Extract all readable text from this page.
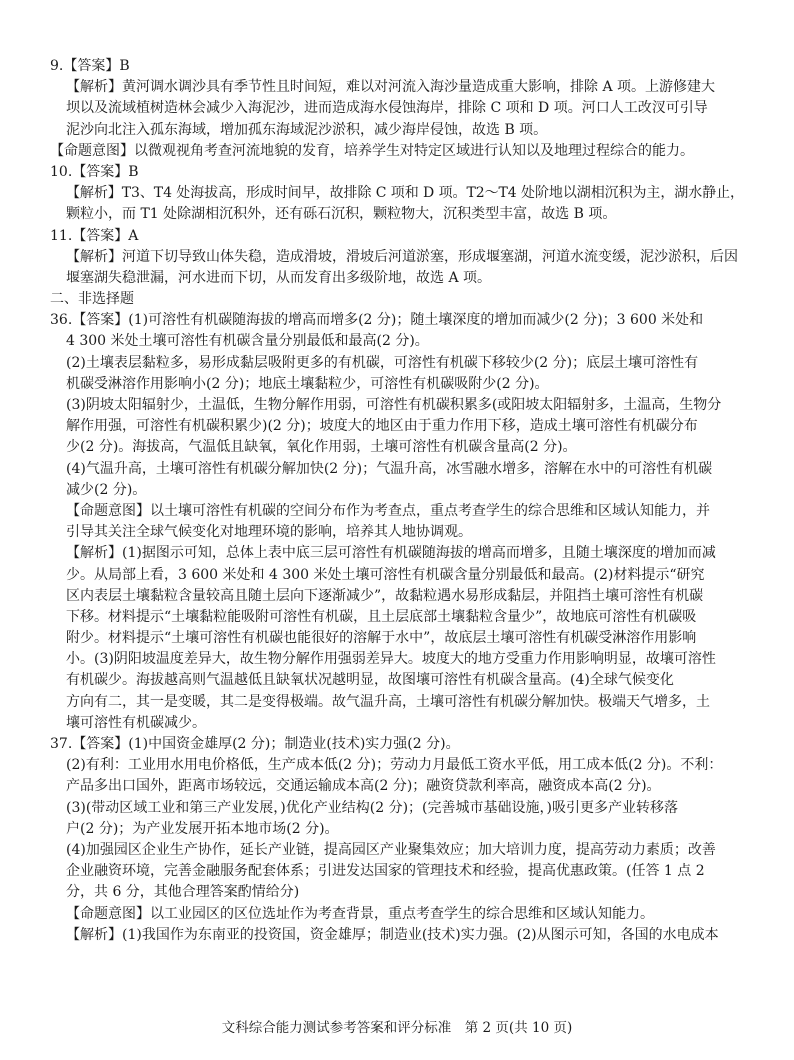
9.【答案】B
【解析】黄河调水调沙具有季节性且时间短，难以对河流入海沙量造成重大影响，排除 A 项。上游修建大
坝以及流域植树造林会减少入海泥沙，进而造成海水侵蚀海岸，排除 C 项和 D 项。河口人工改汊可引导
泥沙向北注入孤东海域，增加孤东海域泥沙淤积，减少海岸侵蚀，故选 B 项。
【命题意图】以微观视角考查河流地貌的发育，培养学生对特定区域进行认知以及地理过程综合的能力。
10.【答案】B
【解析】T3、T4 处海拔高，形成时间早，故排除 C 项和 D 项。T2～T4 处阶地以湖相沉积为主，湖水静止，
颗粒小，而 T1 处除湖相沉积外，还有砾石沉积，颗粒物大，沉积类型丰富，故选 B 项。
11.【答案】A
【解析】河道下切导致山体失稳，造成滑坡，滑坡后河道淤塞，形成堰塞湖，河道水流变缓，泥沙淤积，后因
堰塞湖失稳泄漏，河水进而下切，从而发育出多级阶地，故选 A 项。
二、非选择题
36.【答案】(1)可溶性有机碳随海拔的增高而增多(2 分)；随土壤深度的增加而减少(2 分)；3 600 米处和
4 300 米处土壤可溶性有机碳含量分别最低和最高(2 分)。
(2)土壤表层黏粒多，易形成黏层吸附更多的有机碳，可溶性有机碳下移较少(2 分)；底层土壤可溶性有
机碳受淋溶作用影响小(2 分)；地底土壤黏粒少，可溶性有机碳吸附少(2 分)。
(3)阴坡太阳辐射少，土温低，生物分解作用弱，可溶性有机碳积累多(或阳坡太阳辐射多，土温高，生物分
解作用强，可溶性有机碳积累少)(2 分)；坡度大的地区由于重力作用下移，造成土壤可溶性有机碳分布
少(2 分)。海拔高，气温低且缺氧，氧化作用弱，土壤可溶性有机碳含量高(2 分)。
(4)气温升高，土壤可溶性有机碳分解加快(2 分)；气温升高，冰雪融水增多，溶解在水中的可溶性有机碳
减少(2 分)。
【命题意图】以土壤可溶性有机碳的空间分布作为考查点，重点考查学生的综合思维和区域认知能力，并
引导其关注全球气候变化对地理环境的影响，培养其人地协调观。
【解析】(1)据图示可知，总体上表中底三层可溶性有机碳随海拔的增高而增多，且随土壤深度的增加而减
少。从局部上看，3 600 米处和 4 300 米处土壤可溶性有机碳含量分别最低和最高。(2)材料提示“研究
区内表层土壤黏粒含量较高且随土层向下逐渐减少”，故黏粒遇水易形成黏层，并阻挡土壤可溶性有机碳
下移。材料提示“土壤黏粒能吸附可溶性有机碳，且土层底部土壤黏粒含量少”，故地底可溶性有机碳吸
附少。材料提示“土壤可溶性有机碳也能很好的溶解于水中”，故底层土壤可溶性有机碳受淋溶作用影响
小。(3)阴阳坡温度差异大，故生物分解作用强弱差异大。坡度大的地方受重力作用影响明显，故壤可溶性
有机碳少。海拔越高则气温越低且缺氧状况越明显，故图壤可溶性有机碳含量高。(4)全球气候变化
方向有二，其一是变暖，其二是变得极端。故气温升高，土壤可溶性有机碳分解加快。极端天气增多，土
壤可溶性有机碳减少。
37.【答案】(1)中国资金雄厚(2 分)；制造业(技术)实力强(2 分)。
(2)有利：工业用水用电价格低，生产成本低(2 分)；劳动力月最低工资水平低，用工成本低(2 分)。不利：
产品多出口国外，距离市场较远，交通运输成本高(2 分)；融资贷款利率高，融资成本高(2 分)。
(3)(带动区域工业和第三产业发展，)优化产业结构(2 分)；(完善城市基础设施，)吸引更多产业转移落
户(2 分)；为产业发展开拓本地市场(2 分)。
(4)加强园区企业生产协作，延长产业链，提高园区产业聚集效应；加大培训力度，提高劳动力素质；改善
企业融资环境，完善金融服务配套体系；引进发达国家的管理技术和经验，提高优惠政策。(任答 1 点 2
分，共 6 分，其他合理答案酌情给分)
【命题意图】以工业园区的区位选址作为考查背景，重点考查学生的综合思维和区域认知能力。
【解析】(1)我国作为东南亚的投资国，资金雄厚；制造业(技术)实力强。(2)从图示可知，各国的水电成本
文科综合能力测试参考答案和评分标准　第 2 页(共 10 页)
